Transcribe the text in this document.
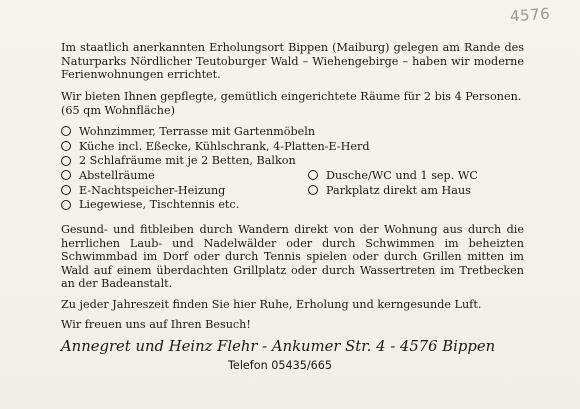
4576
Im staatlich anerkannten Erholungsort Bippen (Maiburg) gelegen am Rande des Naturparks Nördlicher Teutoburger Wald – Wiehengebirge – haben wir moderne Ferienwohnungen errichtet.
Wir bieten Ihnen gepflegte, gemütlich eingerichtete Räume für 2 bis 4 Personen. (65 qm Wohnfläche)
Wohnzimmer, Terrasse mit Gartenmöbeln
Küche incl. Eßecke, Kühlschrank, 4-Platten-E-Herd
2 Schlafräume mit je 2 Betten, Balkon
Abstellräume	Dusche/WC und 1 sep. WC
E-Nachtspeicher-Heizung	Parkplatz direkt am Haus
Liegewiese, Tischtennis etc.
Gesund- und fitbleiben durch Wandern direkt von der Wohnung aus durch die herrlichen Laub- und Nadelwälder oder durch Schwimmen im beheizten Schwimmbad im Dorf oder durch Tennis spielen oder durch Grillen mitten im Wald auf einem überdachten Grillplatz oder durch Wassertreten im Tretbecken an der Badeanstalt.
Zu jeder Jahreszeit finden Sie hier Ruhe, Erholung und kerngesunde Luft.
Wir freuen uns auf Ihren Besuch!
Annegret und Heinz Flehr - Ankumer Str. 4 - 4576 Bippen
Telefon 05435/665
